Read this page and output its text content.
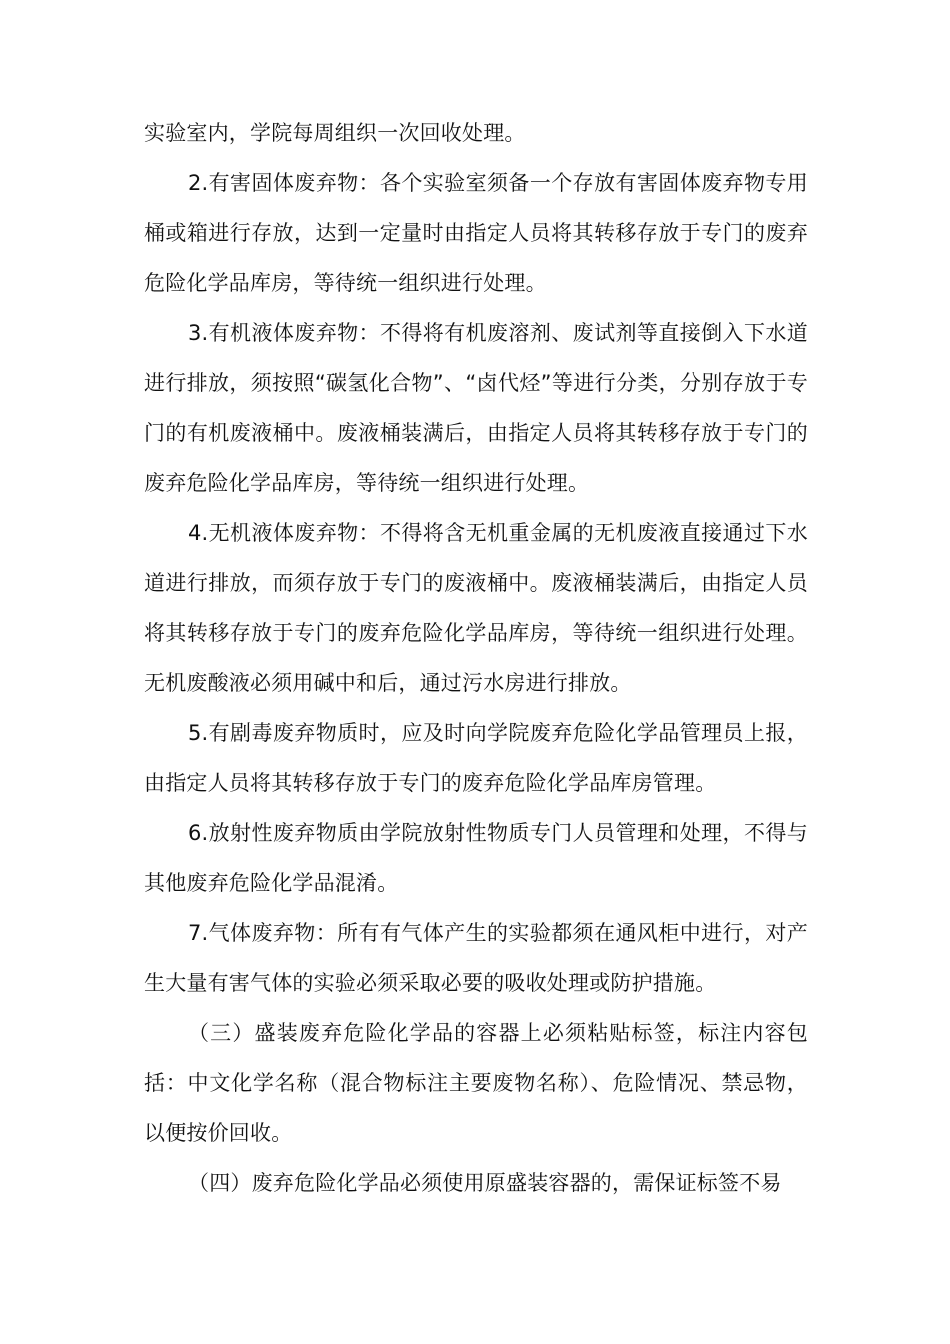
实验室内，学院每周组织一次回收处理。

2.有害固体废弃物：各个实验室须备一个存放有害固体废弃物专用桶或箱进行存放，达到一定量时由指定人员将其转移存放于专门的废弃危险化学品库房，等待统一组织进行处理。

3.有机液体废弃物：不得将有机废溶剂、废试剂等直接倒入下水道进行排放，须按照“碳氢化合物”、“卤代烃”等进行分类，分别存放于专门的有机废液桶中。废液桶装满后，由指定人员将其转移存放于专门的废弃危险化学品库房，等待统一组织进行处理。

4.无机液体废弃物：不得将含无机重金属的无机废液直接通过下水道进行排放，而须存放于专门的废液桶中。废液桶装满后，由指定人员将其转移存放于专门的废弃危险化学品库房，等待统一组织进行处理。无机废酸液必须用碱中和后，通过污水房进行排放。

5.有剧毒废弃物质时，应及时向学院废弃危险化学品管理员上报，由指定人员将其转移存放于专门的废弃危险化学品库房管理。

6.放射性废弃物质由学院放射性物质专门人员管理和处理，不得与其他废弃危险化学品混淆。

7.气体废弃物：所有有气体产生的实验都须在通风柜中进行，对产生大量有害气体的实验必须采取必要的吸收处理或防护措施。

（三）盛装废弃危险化学品的容器上必须粘贴标签，标注内容包括：中文化学名称（混合物标注主要废物名称）、危险情况、禁忌物，以便按价回收。

（四）废弃危险化学品必须使用原盛装容器的，需保证标签不易
